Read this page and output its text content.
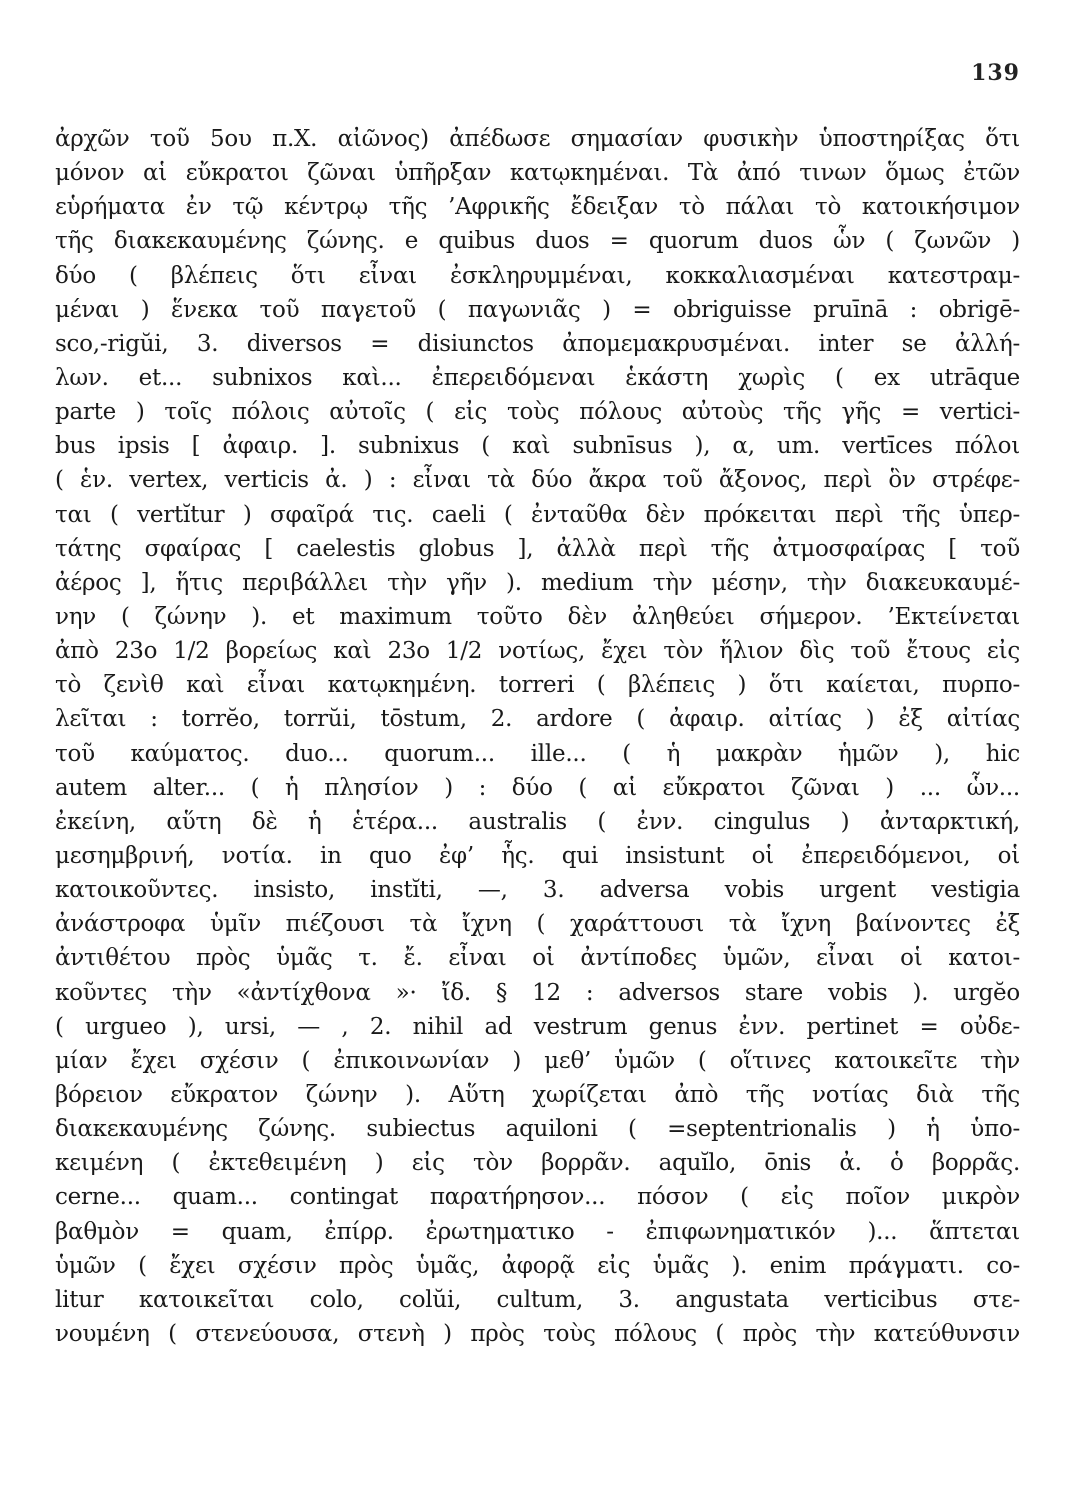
139
ἀρχῶν τοῦ 5ου π.Χ. αἰῶνος) ἀπέδωσε σημασίαν φυσικὴν ὑποστηρίξας ὅτι
μόνον αἱ εὔκρατοι ζῶναι ὑπῆρξαν κατῳκημέναι. Τὰ ἀπό τινων ὅμως ἐτῶν
εὑρήματα ἐν τῷ κέντρῳ τῆς ’Αφρικῆς ἔδειξαν τὸ πάλαι τὸ κατοικήσιμον
τῆς διακεκαυμένης ζώνης. e quibus duos = quorum duos ὧν ( ζωνῶν )
δύο ( βλέπεις ὅτι εἶναι ἐσκληρυμμέναι, κοκκαλιασμέναι κατεστραμ-
μέναι ) ἕνεκα τοῦ παγετοῦ ( παγωνιᾶς ) = obriguisse pruīnā : obrigē-
sco,-rigŭi, 3. diversos = disiunctos ἀπομεμακρυσμέναι. inter se ἀλλή-
λων. et... subnixos καὶ... ἐπερειδόμεναι ἑκάστη χωρὶς ( ex utrāque
parte ) τοῖς πόλοις αὐτοῖς ( εἰς τοὺς πόλους αὐτοὺς τῆς γῆς = vertici-
bus ipsis [ ἀφαιρ. ]. subnixus ( καὶ subnīsus ), α, um. vertīces πόλοι
( ἑν. vertex, verticis ἀ. ) : εἶναι τὰ δύο ἄκρα τοῦ ἄξονος, περὶ ὃν στρέφε-
ται ( vertĭtur ) σφαῖρά τις. caeli ( ἐνταῦθα δὲν πρόκειται περὶ τῆς ὑπερ-
τάτης σφαίρας [ caelestis globus ], ἀλλὰ περὶ τῆς ἀτμοσφαίρας [ τοῦ
ἀέρος ], ἥτις περιβάλλει τὴν γῆν ). medium τὴν μέσην, τὴν διακευκαυμέ-
νην ( ζώνην ). et maximum τοῦτο δὲν ἀληθεύει σήμερον. ’Εκτείνεται
ἀπὸ 23ο 1/2 βορείως καὶ 23ο 1/2 νοτίως, ἔχει τὸν ἥλιον δὶς τοῦ ἔτους εἰς
τὸ ζενὶθ καὶ εἶναι κατῳκημένη. torreri ( βλέπεις ) ὅτι καίεται, πυρπο-
λεῖται : torrĕo, torrŭi, tōstum, 2. ardore ( ἀφαιρ. αἰτίας ) ἐξ αἰτίας
τοῦ καύματος. duo... quorum... ille... ( ἡ μακρὰν ἡμῶν ), hic
autem alter... ( ἡ πλησίον ) : δύο ( αἱ εὔκρατοι ζῶναι ) ... ὧν...
ἐκείνη, αὕτη δὲ ἡ ἑτέρα... australis ( ἐνν. cingulus ) ἀνταρκτική,
μεσημβρινή, νοτία. in quo ἐφ’ ἧς. qui insistunt οἱ ἐπερειδόμενοι, οἱ
κατοικοῦντες. insisto, instĭti, —, 3. adversa vobis urgent vestigia
ἀνάστροφα ὑμῖν πιέζουσι τὰ ἴχνη ( χαράττουσι τὰ ἴχνη βαίνοντες ἐξ
ἀντιθέτου πρὸς ὑμᾶς τ. ἔ. εἶναι οἱ ἀντίποδες ὑμῶν, εἶναι οἱ κατοι-
κοῦντες τὴν «ἀντίχθονα »· ἴδ. § 12 : adversos stare vobis ). urgĕo
( urgueo ), ursi, — , 2. nihil ad vestrum genus ἐνν. pertinet = οὐδε-
μίαν ἔχει σχέσιν ( ἐπικοινωνίαν ) μεθ’ ὑμῶν ( οἵτινες κατοικεῖτε τὴν
βόρειον εὔκρατον ζώνην ). Αὕτη χωρίζεται ἀπὸ τῆς νοτίας διὰ τῆς
διακεκαυμένης ζώνης. subiectus aquiloni ( =septentrionalis ) ἡ ὑπο-
κειμένη ( ἐκτεθειμένη ) εἰς τὸν βορρᾶν. aquĭlo, ōnis ἀ. ὁ βορρᾶς.
cerne... quam... contingat παρατήρησον... πόσον ( εἰς ποῖον μικρὸν
βαθμὸν = quam, ἐπίρρ. ἐρωτηματικο - ἐπιφωνηματικόν )... ἅπτεται
ὑμῶν ( ἔχει σχέσιν πρὸς ὑμᾶς, ἀφορᾷ εἰς ὑμᾶς ). enim πράγματι. co-
litur κατοικεῖται colo, colŭi, cultum, 3. angustata verticibus στε-
νουμένη ( στενεύουσα, στενὴ ) πρὸς τοὺς πόλους ( πρὸς τὴν κατεύθυνσιν
